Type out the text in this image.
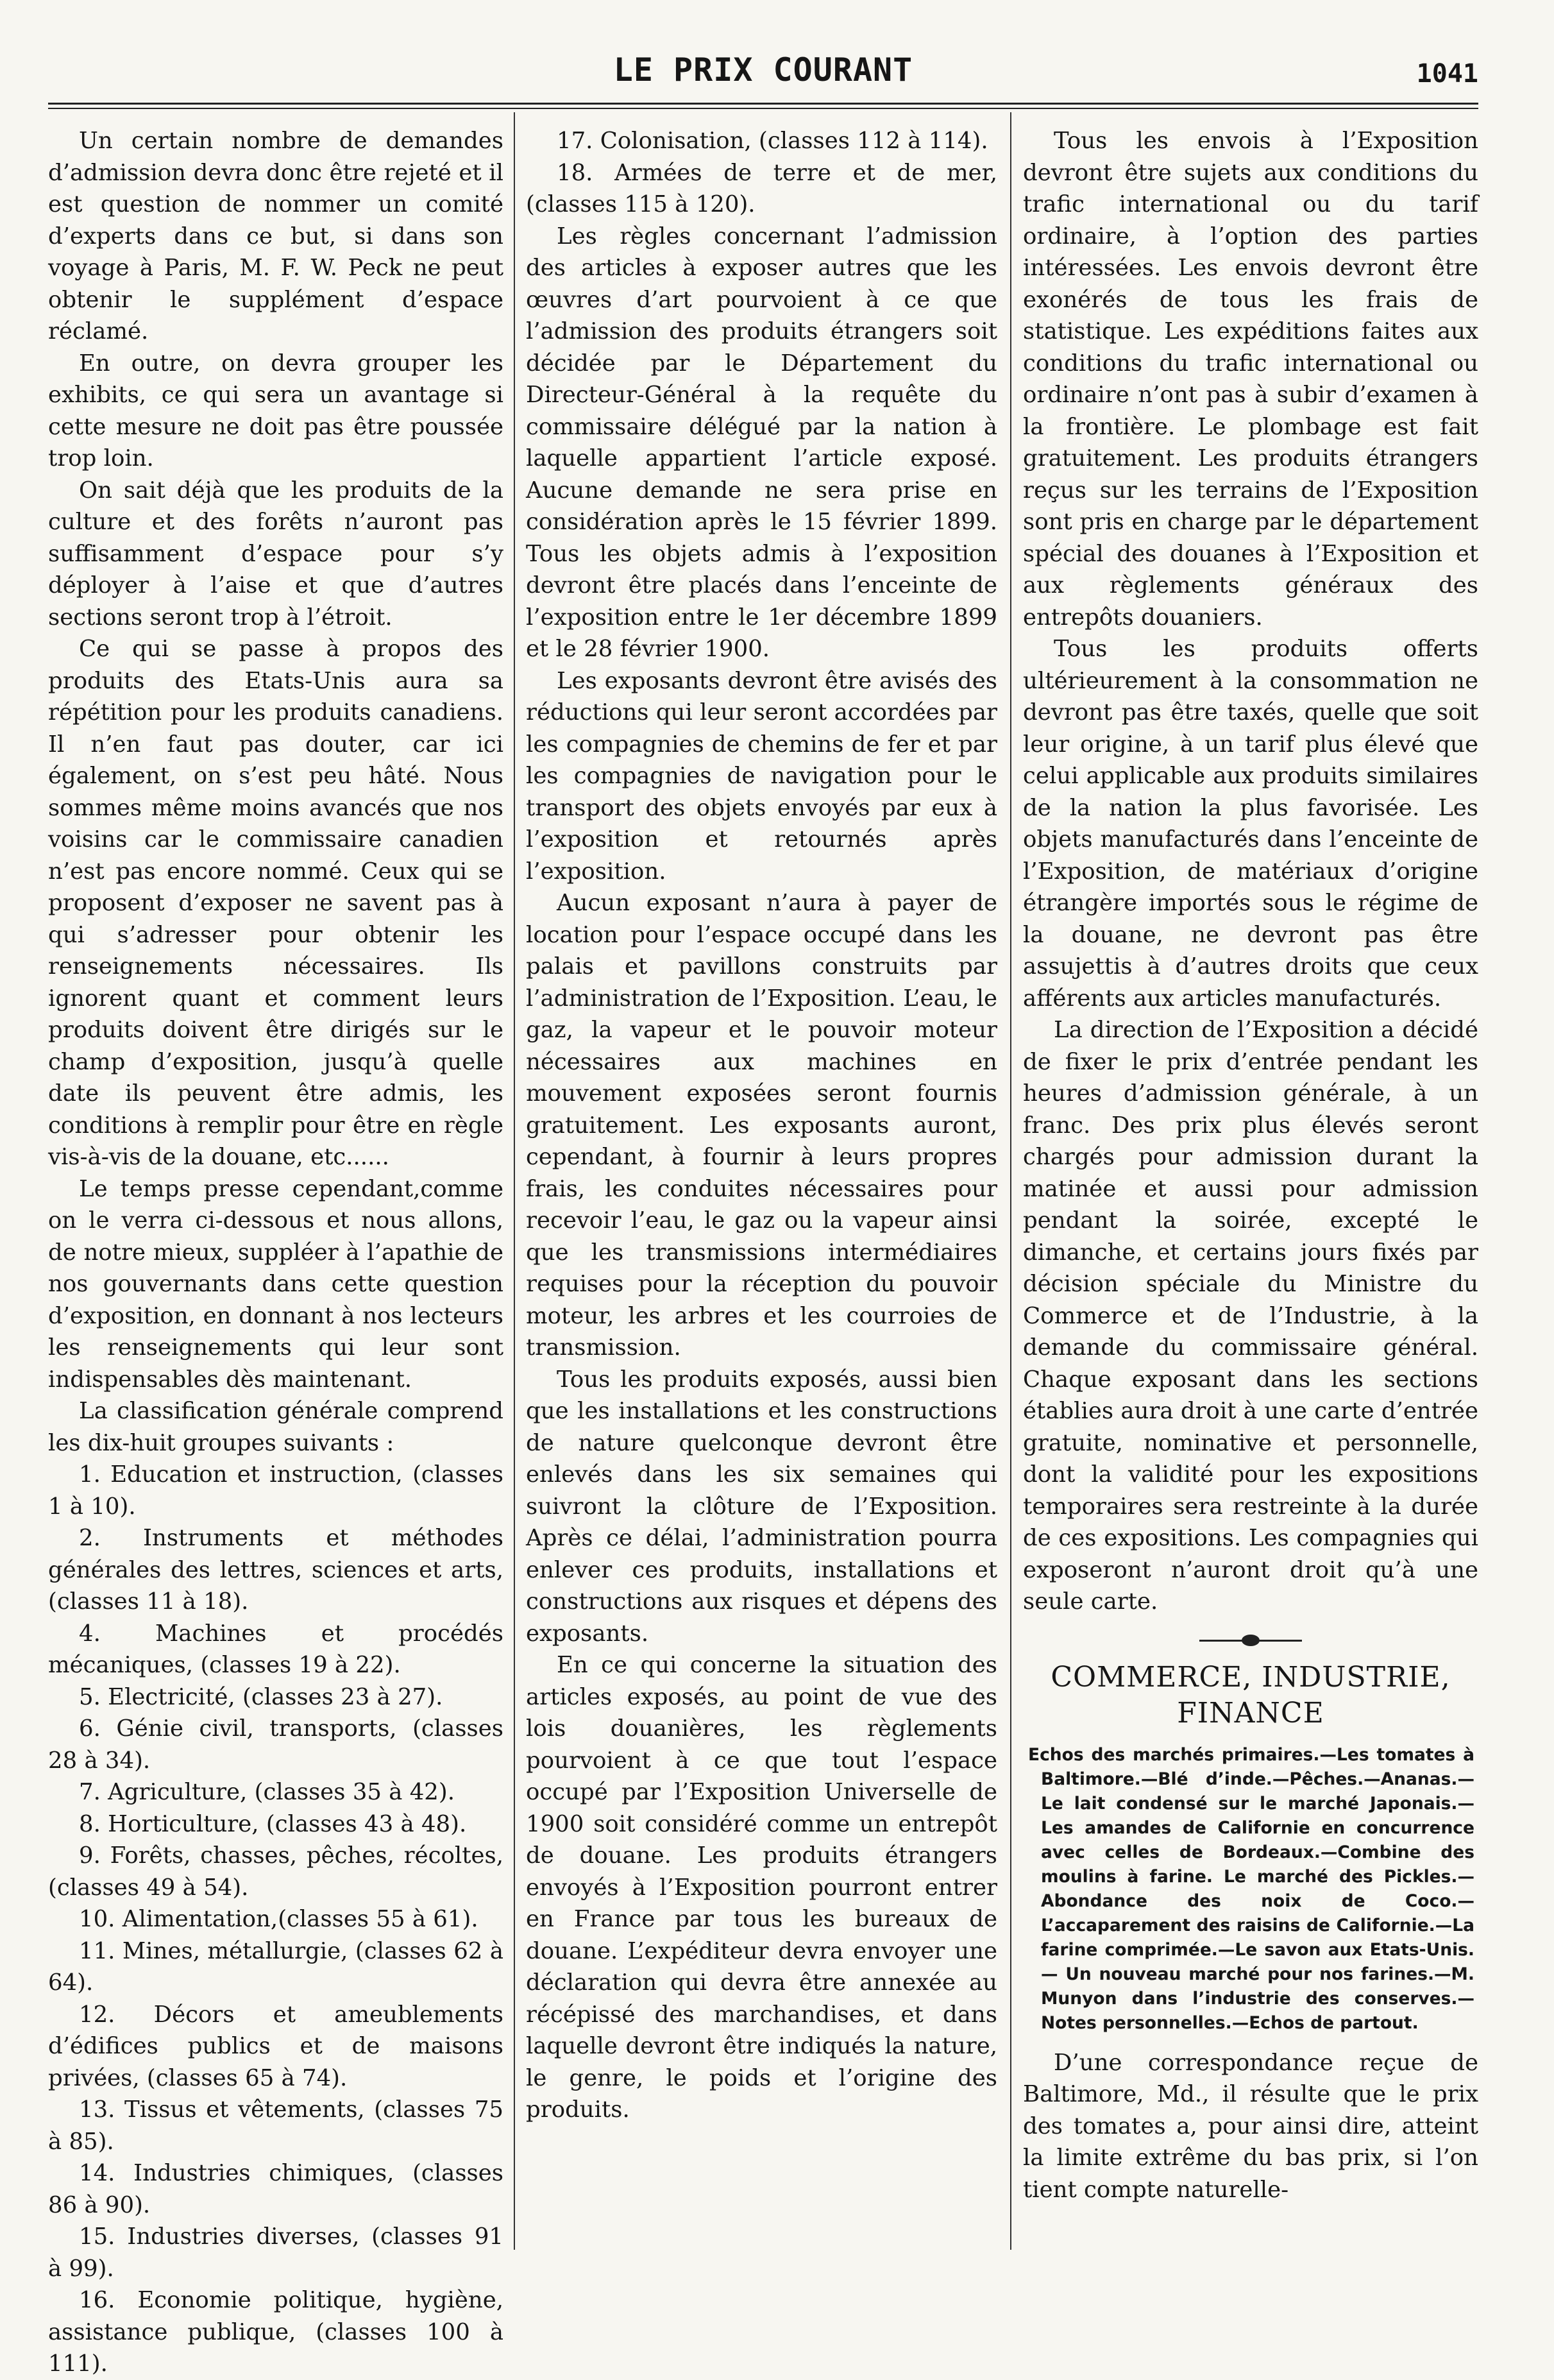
LE PRIX COURANT	1041

Un certain nombre de demandes d’admission devra donc être rejeté et il est question de nommer un comité d’experts dans ce but, si dans son voyage à Paris, M. F. W. Peck ne peut obtenir le supplément d’espace réclamé.

En outre, on devra grouper les exhibits, ce qui sera un avantage si cette mesure ne doit pas être poussée trop loin.

On sait déjà que les produits de la culture et des forêts n’auront pas suffisamment d’espace pour s’y déployer à l’aise et que d’autres sections seront trop à l’étroit.

Ce qui se passe à propos des produits des Etats-Unis aura sa répétition pour les produits canadiens. Il n’en faut pas douter, car ici également, on s’est peu hâté. Nous sommes même moins avancés que nos voisins car le commissaire canadien n’est pas encore nommé. Ceux qui se proposent d’exposer ne savent pas à qui s’adresser pour obtenir les renseignements nécessaires. Ils ignorent quant et comment leurs produits doivent être dirigés sur le champ d’exposition, jusqu’à quelle date ils peuvent être admis, les conditions à remplir pour être en règle vis-à-vis de la douane, etc......

Le temps presse cependant,comme on le verra ci-dessous et nous allons, de notre mieux, suppléer à l’apathie de nos gouvernants dans cette question d’exposition, en donnant à nos lecteurs les renseignements qui leur sont indispensables dès maintenant.

La classification générale comprend les dix-huit groupes suivants :

1. Education et instruction, (classes 1 à 10).

2. Instruments et méthodes générales des lettres, sciences et arts, (classes 11 à 18).

4. Machines et procédés mécaniques, (classes 19 à 22).

5. Electricité, (classes 23 à 27).

6. Génie civil, transports, (classes 28 à 34).

7. Agriculture, (classes 35 à 42).

8. Horticulture, (classes 43 à 48).

9. Forêts, chasses, pêches, récoltes, (classes 49 à 54).

10. Alimentation,(classes 55 à 61).

11. Mines, métallurgie, (classes 62 à 64).

12. Décors et ameublements d’édifices publics et de maisons privées, (classes 65 à 74).

13. Tissus et vêtements, (classes 75 à 85).

14. Industries chimiques, (classes 86 à 90).

15. Industries diverses, (classes 91 à 99).

16. Economie politique, hygiène, assistance publique, (classes 100 à 111).

17. Colonisation, (classes 112 à 114).

18. Armées de terre et de mer, (classes 115 à 120).

Les règles concernant l’admission des articles à exposer autres que les œuvres d’art pourvoient à ce que l’admission des produits étrangers soit décidée par le Département du Directeur-Général à la requête du commissaire délégué par la nation à laquelle appartient l’article exposé. Aucune demande ne sera prise en considération après le 15 février 1899. Tous les objets admis à l’exposition devront être placés dans l’enceinte de l’exposition entre le 1er décembre 1899 et le 28 février 1900.

Les exposants devront être avisés des réductions qui leur seront accordées par les compagnies de chemins de fer et par les compagnies de navigation pour le transport des objets envoyés par eux à l’exposition et retournés après l’exposition.

Aucun exposant n’aura à payer de location pour l’espace occupé dans les palais et pavillons construits par l’administration de l’Exposition. L’eau, le gaz, la vapeur et le pouvoir moteur nécessaires aux machines en mouvement exposées seront fournis gratuitement. Les exposants auront, cependant, à fournir à leurs propres frais, les conduites nécessaires pour recevoir l’eau, le gaz ou la vapeur ainsi que les transmissions intermédiaires requises pour la réception du pouvoir moteur, les arbres et les courroies de transmission.

Tous les produits exposés, aussi bien que les installations et les constructions de nature quelconque devront être enlevés dans les six semaines qui suivront la clôture de l’Exposition. Après ce délai, l’administration pourra enlever ces produits, installations et constructions aux risques et dépens des exposants.

En ce qui concerne la situation des articles exposés, au point de vue des lois douanières, les règlements pourvoient à ce que tout l’espace occupé par l’Exposition Universelle de 1900 soit considéré comme un entrepôt de douane. Les produits étrangers envoyés à l’Exposition pourront entrer en France par tous les bureaux de douane. L’expéditeur devra envoyer une déclaration qui devra être annexée au récépissé des marchandises, et dans laquelle devront être indiqués la nature, le genre, le poids et l’origine des produits.

Tous les envois à l’Exposition devront être sujets aux conditions du trafic international ou du tarif ordinaire, à l’option des parties intéressées. Les envois devront être exonérés de tous les frais de statistique. Les expéditions faites aux conditions du trafic international ou ordinaire n’ont pas à subir d’examen à la frontière. Le plombage est fait gratuitement. Les produits étrangers reçus sur les terrains de l’Exposition sont pris en charge par le département spécial des douanes à l’Exposition et aux règlements généraux des entrepôts douaniers.

Tous les produits offerts ultérieurement à la consommation ne devront pas être taxés, quelle que soit leur origine, à un tarif plus élevé que celui applicable aux produits similaires de la nation la plus favorisée. Les objets manufacturés dans l’enceinte de l’Exposition, de matériaux d’origine étrangère importés sous le régime de la douane, ne devront pas être assujettis à d’autres droits que ceux afférents aux articles manufacturés.

La direction de l’Exposition a décidé de fixer le prix d’entrée pendant les heures d’admission générale, à un franc. Des prix plus élevés seront chargés pour admission durant la matinée et aussi pour admission pendant la soirée, excepté le dimanche, et certains jours fixés par décision spéciale du Ministre du Commerce et de l’Industrie, à la demande du commissaire général. Chaque exposant dans les sections établies aura droit à une carte d’entrée gratuite, nominative et personnelle, dont la validité pour les expositions temporaires sera restreinte à la durée de ces expositions. Les compagnies qui exposeront n’auront droit qu’à une seule carte.

COMMERCE, INDUSTRIE, FINANCE

Echos des marchés primaires.—Les tomates à Baltimore.—Blé d’inde.—Pêches.—Ananas.—Le lait condensé sur le marché Japonais.—Les amandes de Californie en concurrence avec celles de Bordeaux.—Combine des moulins à farine. Le marché des Pickles.—Abondance des noix de Coco.—L’accaparement des raisins de Californie.—La farine comprimée.—Le savon aux Etats-Unis.— Un nouveau marché pour nos farines.—M. Munyon dans l’industrie des conserves.— Notes personnelles.—Echos de partout.

D’une correspondance reçue de Baltimore, Md., il résulte que le prix des tomates a, pour ainsi dire, atteint la limite extrême du bas prix, si l’on tient compte naturelle-
